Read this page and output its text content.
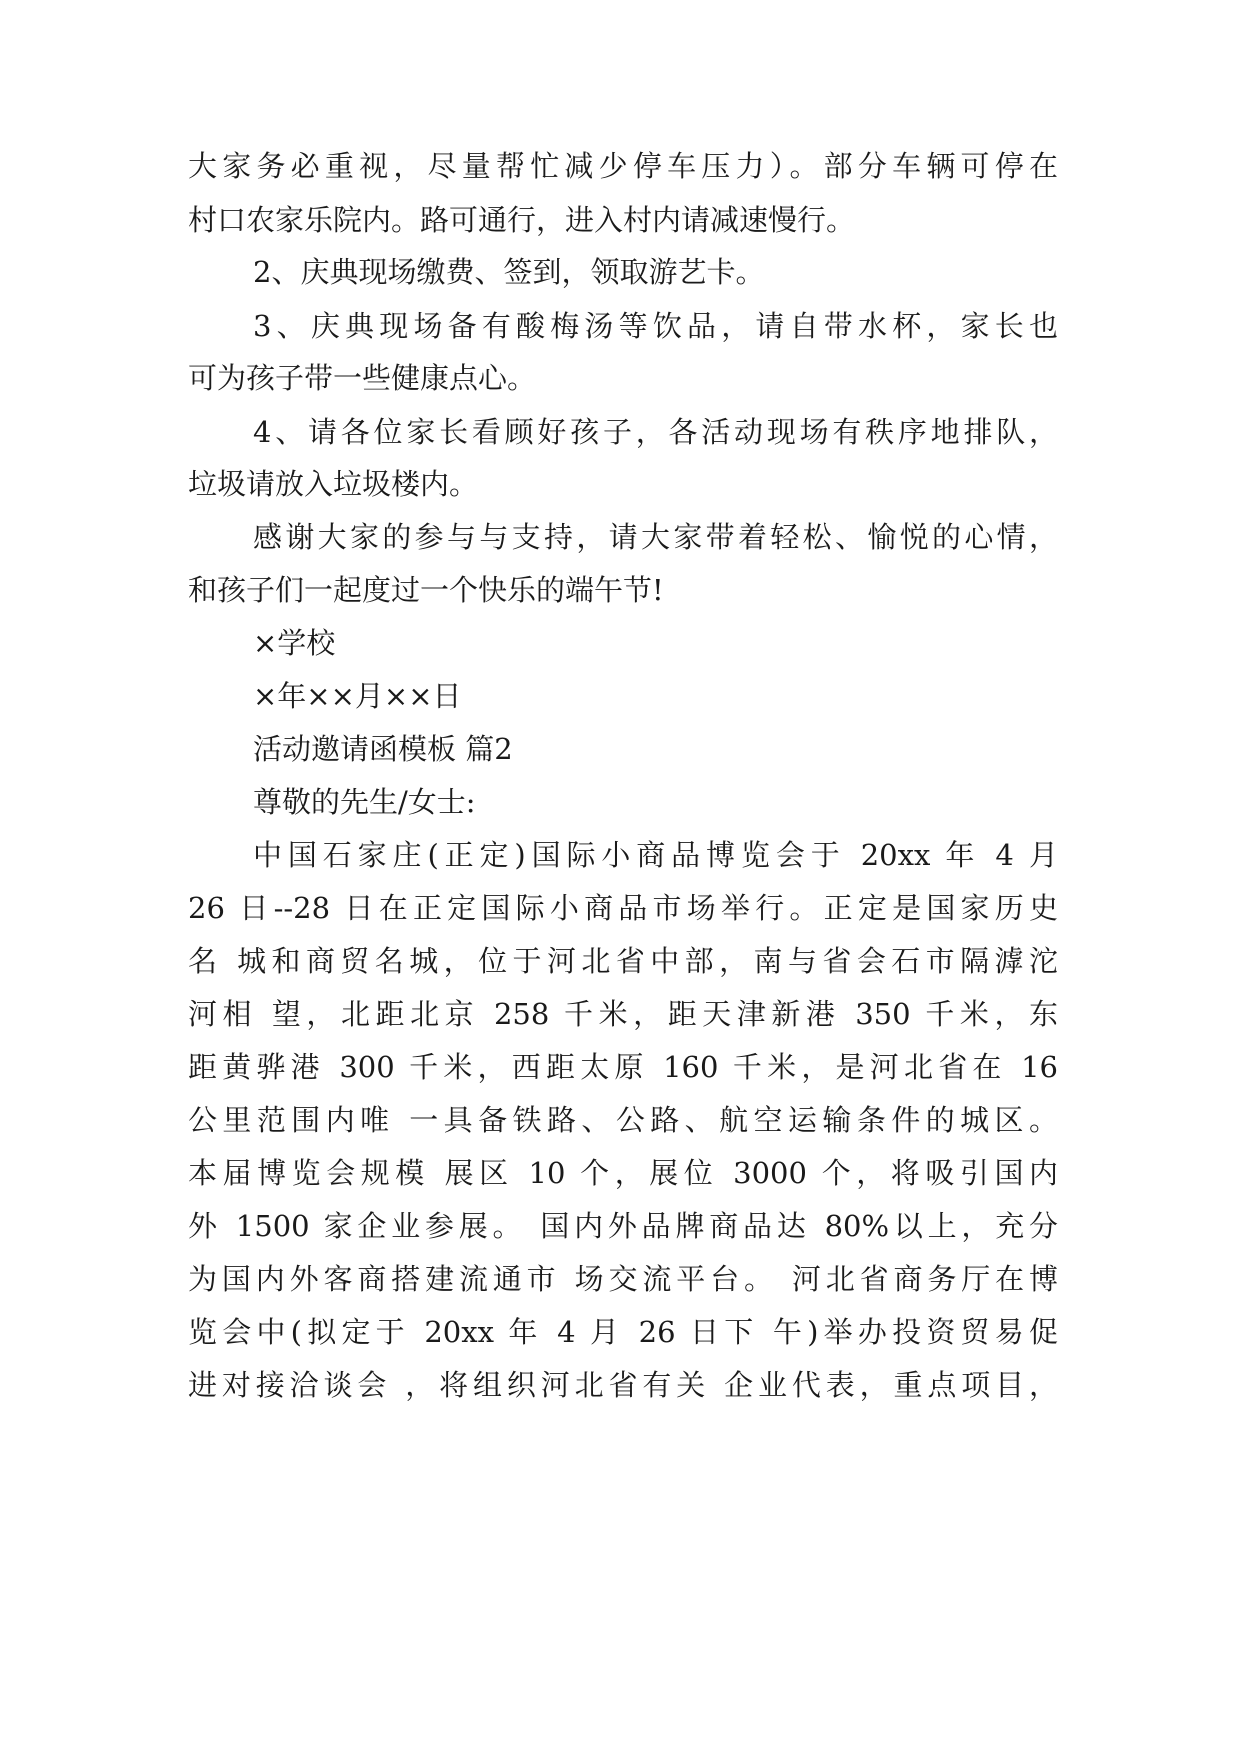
大家务必重视，尽量帮忙减少停车压力）。部分车辆可停在
村口农家乐院内。路可通行，进入村内请减速慢行。
2、庆典现场缴费、签到，领取游艺卡。
3、庆典现场备有酸梅汤等饮品，请自带水杯，家长也
可为孩子带一些健康点心。
4、请各位家长看顾好孩子，各活动现场有秩序地排队，
垃圾请放入垃圾楼内。
感谢大家的参与与支持，请大家带着轻松、愉悦的心情，
和孩子们一起度过一个快乐的端午节!
×学校
×年××月××日
活动邀请函模板 篇2
尊敬的先生/女士:
中国石家庄(正定)国际小商品博览会于 20xx 年 4 月
26 日--28 日在正定国际小商品市场举行。正定是国家历史
名 城和商贸名城，位于河北省中部，南与省会石市隔滹沱
河相 望，北距北京 258 千米，距天津新港 350 千米，东
距黄骅港 300 千米，西距太原 160 千米，是河北省在 16
公里范围内唯 一具备铁路、公路、航空运输条件的城区。
本届博览会规模 展区 10 个，展位 3000 个，将吸引国内
外 1500 家企业参展。 国内外品牌商品达 80%以上，充分
为国内外客商搭建流通市 场交流平台。 河北省商务厅在博
览会中(拟定于 20xx 年 4 月 26 日下 午)举办投资贸易促
进对接洽谈会 ，将组织河北省有关 企业代表，重点项目，
